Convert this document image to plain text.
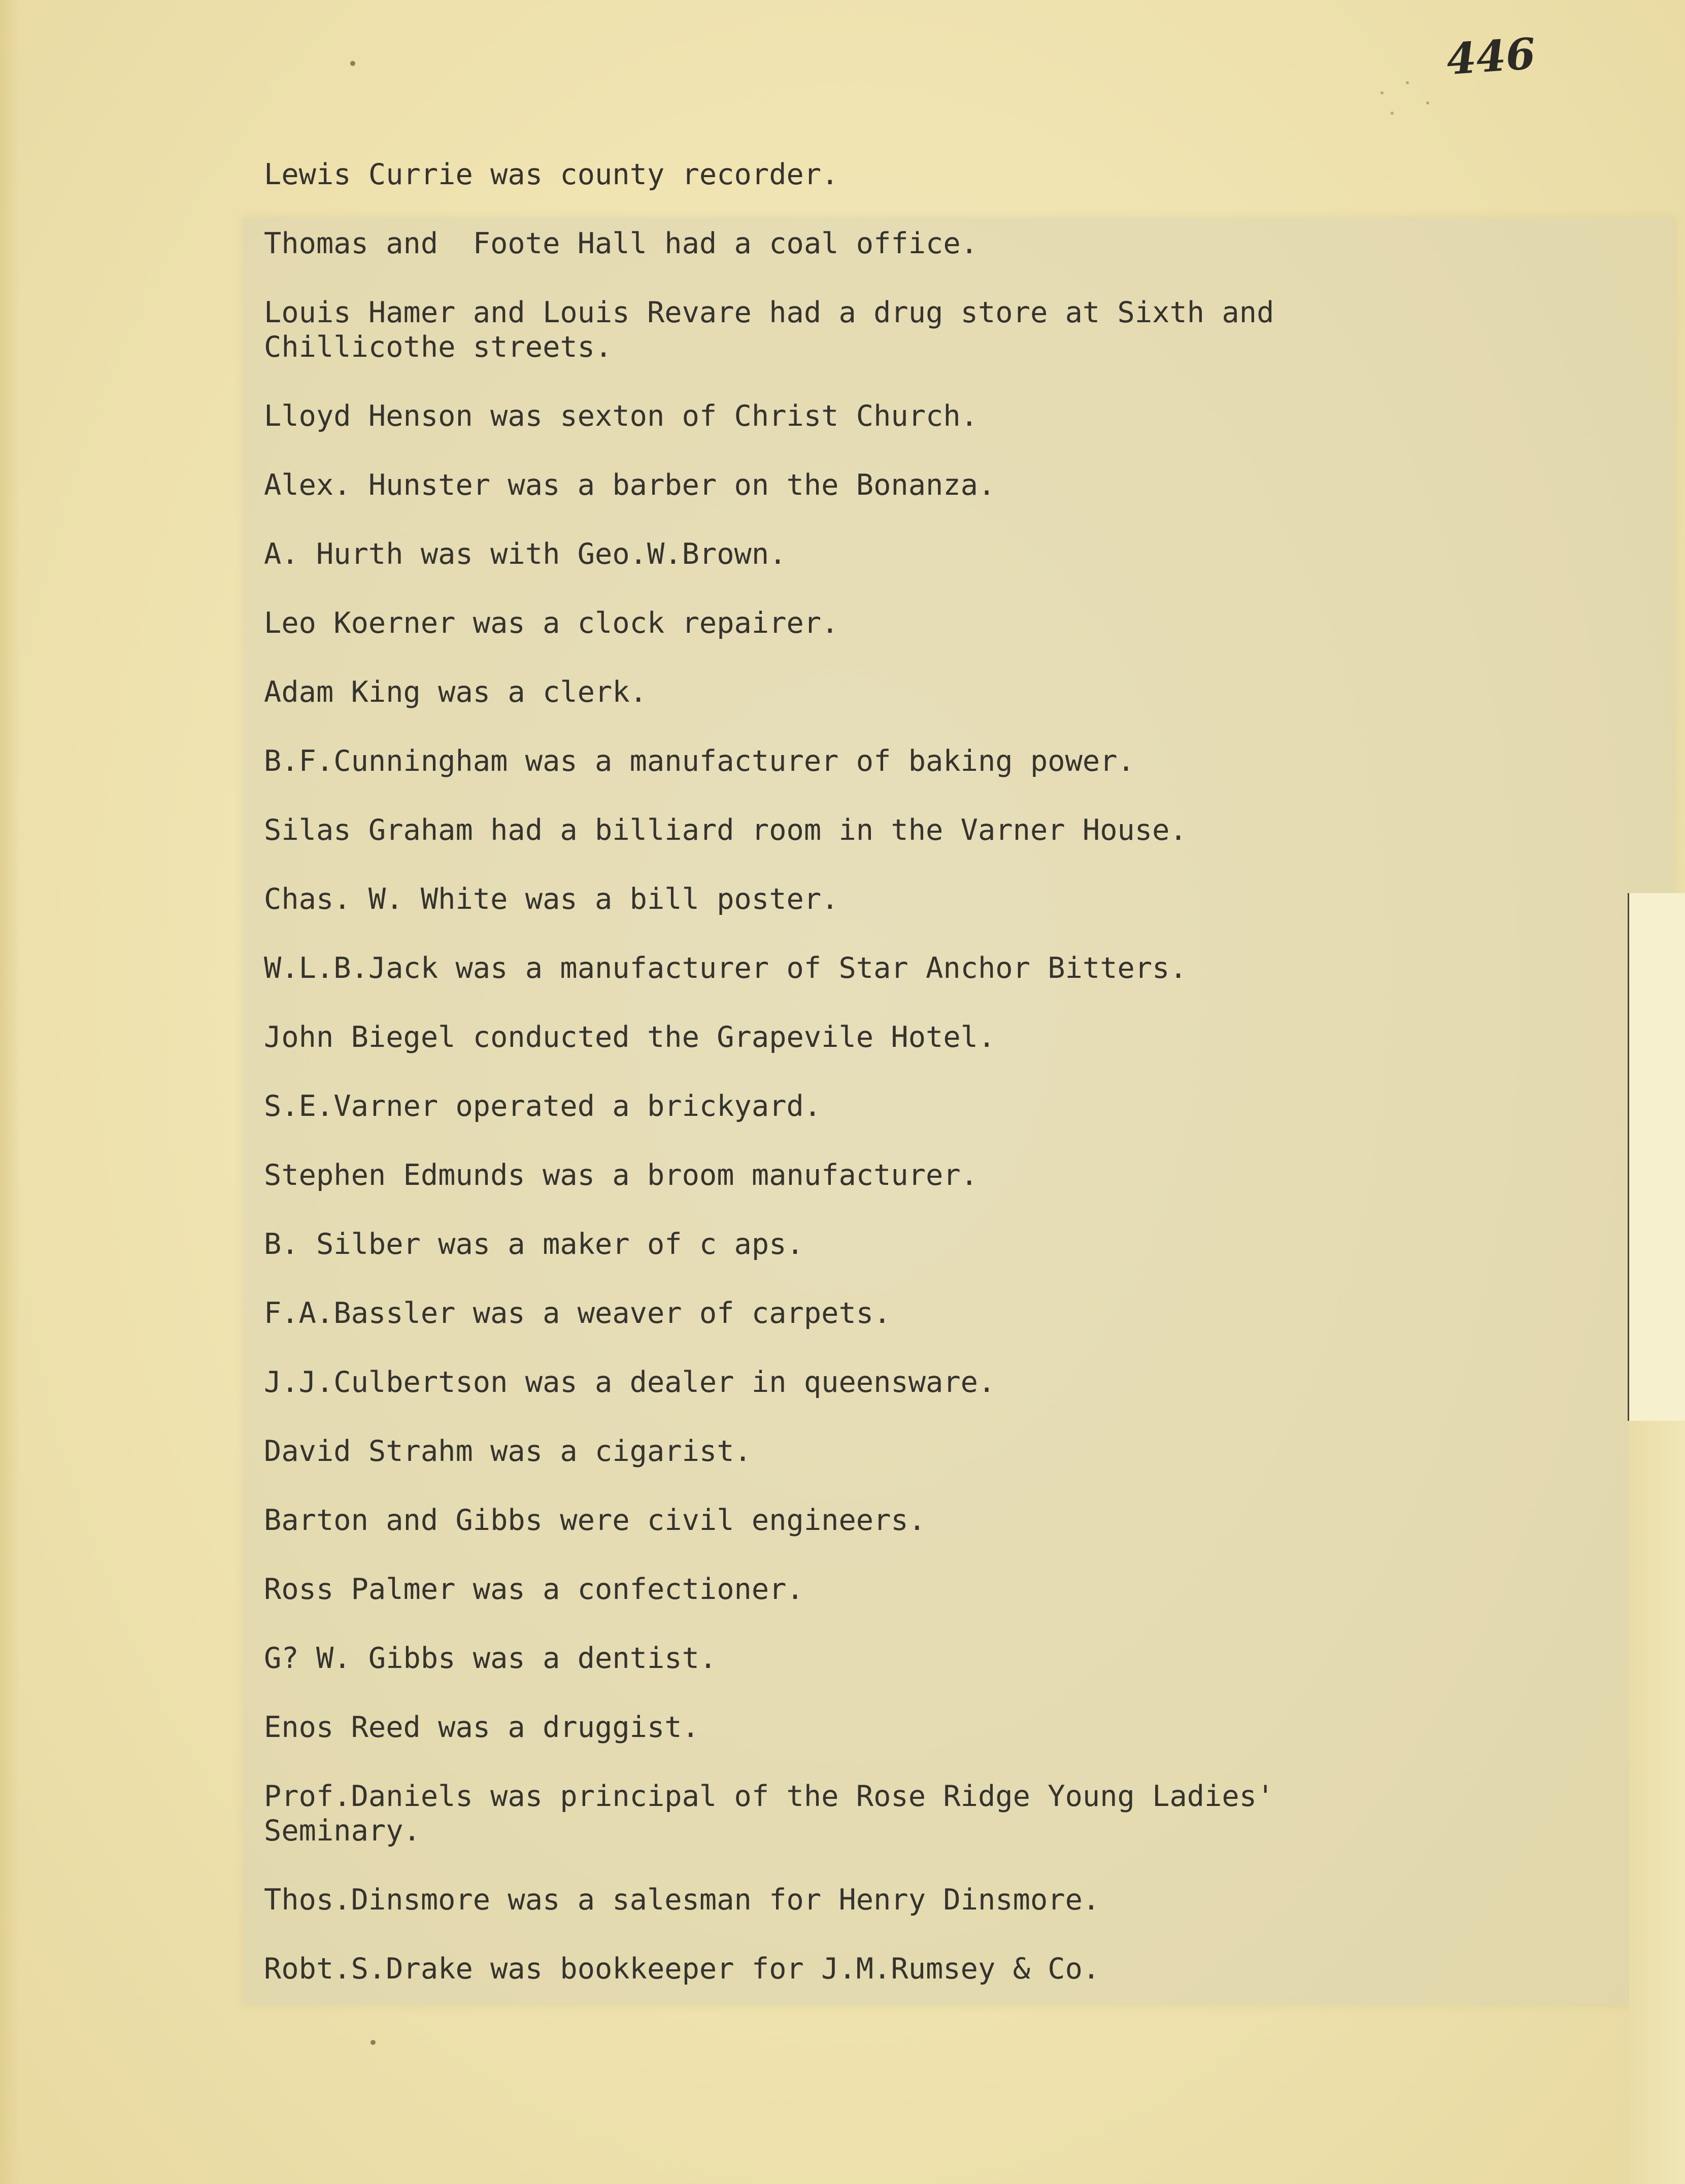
446
Lewis Currie was county recorder.
Thomas and  Foote Hall had a coal office.
Louis Hamer and Louis Revare had a drug store at Sixth and
Chillicothe streets.
Lloyd Henson was sexton of Christ Church.
Alex. Hunster was a barber on the Bonanza.
A. Hurth was with Geo.W.Brown.
Leo Koerner was a clock repairer.
Adam King was a clerk.
B.F.Cunningham was a manufacturer of baking power.
Silas Graham had a billiard room in the Varner House.
Chas. W. White was a bill poster.
W.L.B.Jack was a manufacturer of Star Anchor Bitters.
John Biegel conducted the Grapevile Hotel.
S.E.Varner operated a brickyard.
Stephen Edmunds was a broom manufacturer.
B. Silber was a maker of c aps.
F.A.Bassler was a weaver of carpets.
J.J.Culbertson was a dealer in queensware.
David Strahm was a cigarist.
Barton and Gibbs were civil engineers.
Ross Palmer was a confectioner.
G? W. Gibbs was a dentist.
Enos Reed was a druggist.
Prof.Daniels was principal of the Rose Ridge Young Ladies'
Seminary.
Thos.Dinsmore was a salesman for Henry Dinsmore.
Robt.S.Drake was bookkeeper for J.M.Rumsey & Co.
